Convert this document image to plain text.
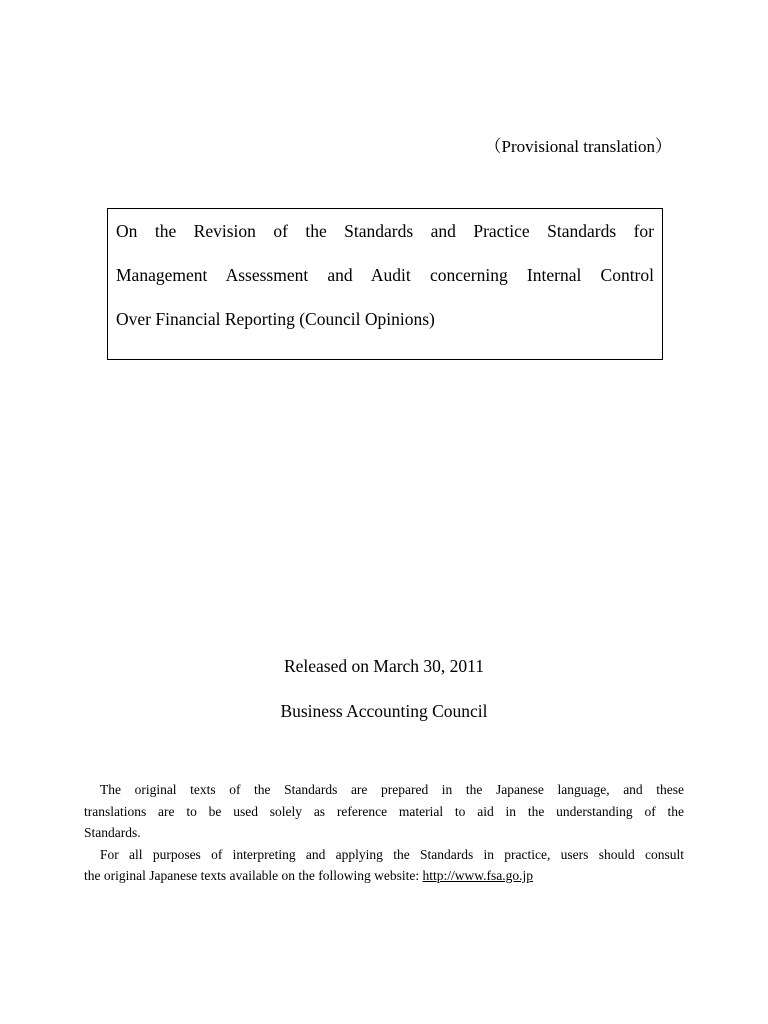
（Provisional translation）
On the Revision of the Standards and Practice Standards for
Management Assessment and Audit concerning Internal Control
Over Financial Reporting (Council Opinions)
Released on March 30, 2011
Business Accounting Council

The original texts of the Standards are prepared in the Japanese language, and these
translations are to be used solely as reference material to aid in the understanding of the
Standards.

For all purposes of interpreting and applying the Standards in practice, users should consult
the original Japanese texts available on the following website: http://www.fsa.go.jp
